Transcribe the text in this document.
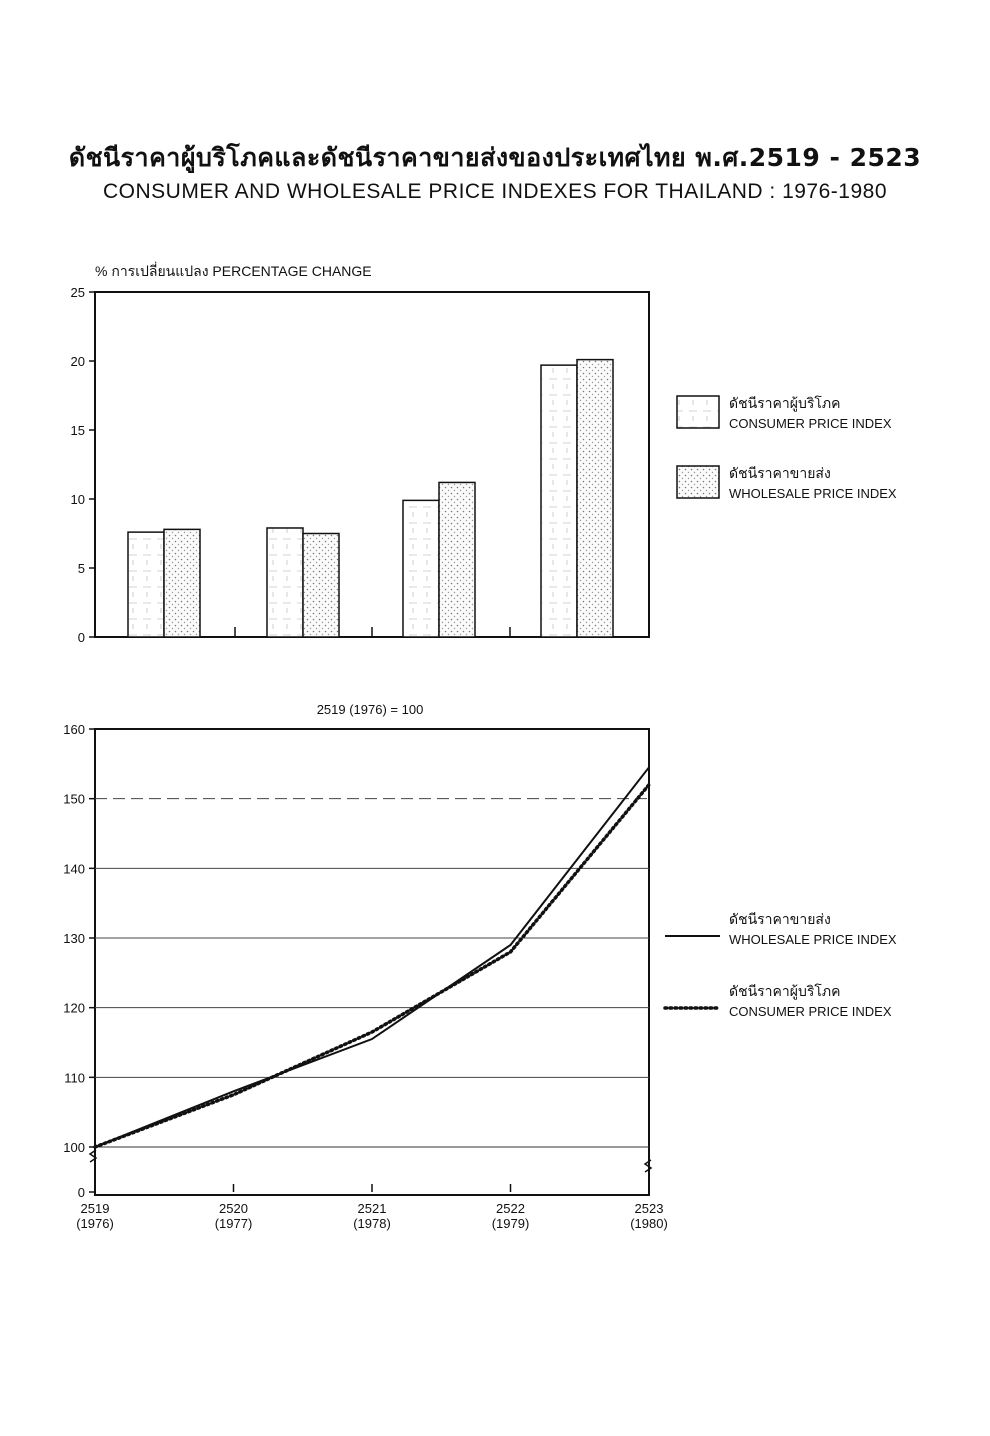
ดัชนีราคาผู้บริโภคและดัชนีราคาขายส่งของประเทศไทย พ.ศ.2519 - 2523
CONSUMER AND WHOLESALE PRICE INDEXES FOR THAILAND : 1976-1980
% การเปลี่ยนแปลง PERCENTAGE CHANGE
0
5
10
15
20
25
ดัชนีราคาผู้บริโภค
CONSUMER PRICE INDEX
ดัชนีราคาขายส่ง
WHOLESALE PRICE INDEX
2519 (1976) = 100
0
100
110
120
130
140
150
160
2519 (1976)
2520 (1977)
2521 (1978)
2522 (1979)
2523 (1980)
ดัชนีราคาขายส่ง
WHOLESALE PRICE INDEX
ดัชนีราคาผู้บริโภค
CONSUMER PRICE INDEX
